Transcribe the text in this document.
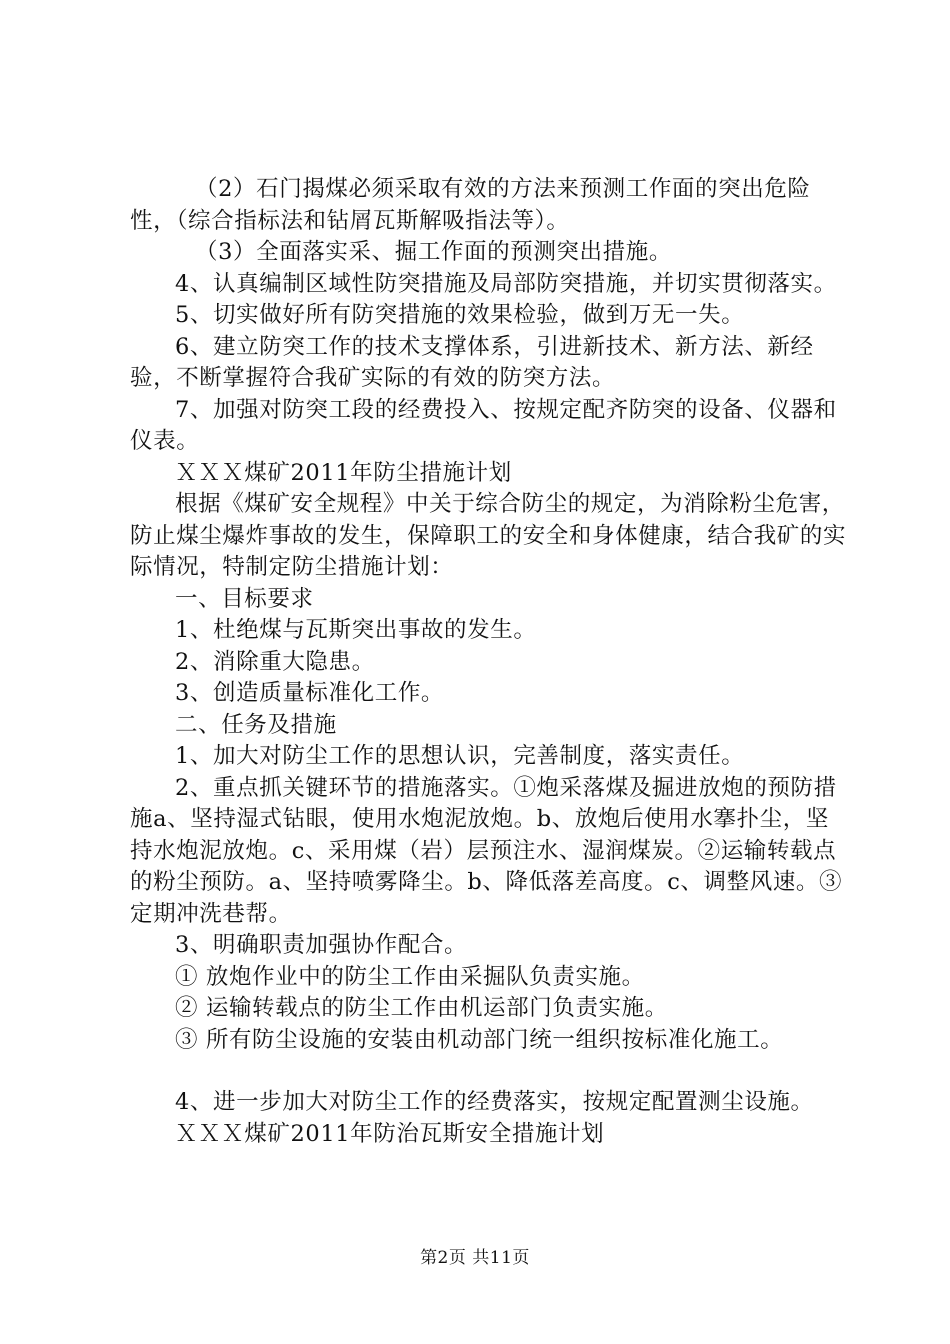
（2）石门揭煤必须采取有效的方法来预测工作面的突出危险性，（综合指标法和钻屑瓦斯解吸指法等）。

（3）全面落实采、掘工作面的预测突出措施。

4、认真编制区域性防突措施及局部防突措施，并切实贯彻落实。

5、切实做好所有防突措施的效果检验，做到万无一失。

6、建立防突工作的技术支撑体系，引进新技术、新方法、新经验，不断掌握符合我矿实际的有效的防突方法。

7、加强对防突工段的经费投入、按规定配齐防突的设备、仪器和仪表。

ＸＸＸ煤矿2011年防尘措施计划

根据《煤矿安全规程》中关于综合防尘的规定，为消除粉尘危害，防止煤尘爆炸事故的发生，保障职工的安全和身体健康，结合我矿的实际情况，特制定防尘措施计划：

一、目标要求

1、杜绝煤与瓦斯突出事故的发生。

2、消除重大隐患。

3、创造质量标准化工作。

二、任务及措施

1、加大对防尘工作的思想认识，完善制度，落实责任。

2、重点抓关键环节的措施落实。①炮采落煤及掘进放炮的预防措施a、坚持湿式钻眼，使用水炮泥放炮。b、放炮后使用水搴扑尘，坚持水炮泥放炮。c、采用煤（岩）层预注水、湿润煤炭。②运输转载点的粉尘预防。a、坚持喷雾降尘。b、降低落差高度。c、调整风速。③定期冲洗巷帮。

3、明确职责加强协作配合。

① 放炮作业中的防尘工作由采掘队负责实施。

② 运输转载点的防尘工作由机运部门负责实施。

③ 所有防尘设施的安装由机动部门统一组织按标准化施工。

4、进一步加大对防尘工作的经费落实，按规定配置测尘设施。

ＸＸＸ煤矿2011年防治瓦斯安全措施计划

第2页 共11页
